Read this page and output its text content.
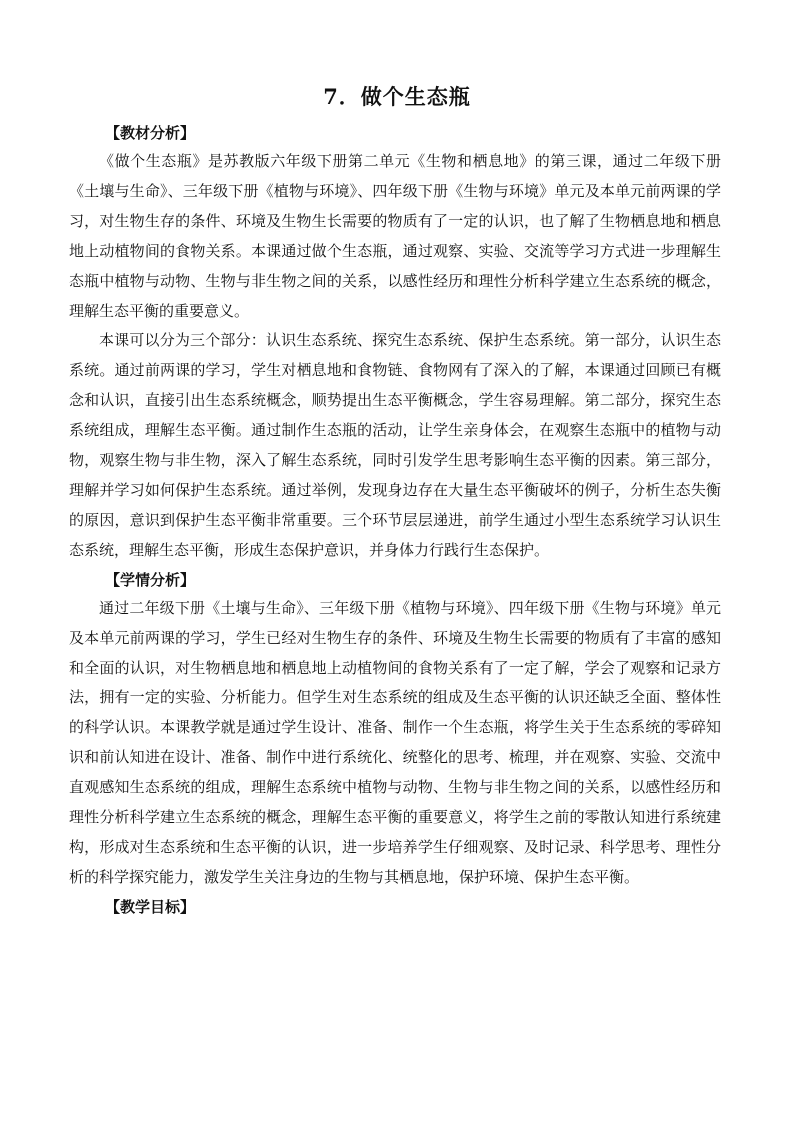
7．做个生态瓶
【教材分析】

《做个生态瓶》是苏教版六年级下册第二单元《生物和栖息地》的第三课，通过二年级下册《土壤与生命》、三年级下册《植物与环境》、四年级下册《生物与环境》单元及本单元前两课的学习，对生物生存的条件、环境及生物生长需要的物质有了一定的认识，也了解了生物栖息地和栖息地上动植物间的食物关系。本课通过做个生态瓶，通过观察、实验、交流等学习方式进一步理解生态瓶中植物与动物、生物与非生物之间的关系，以感性经历和理性分析科学建立生态系统的概念，理解生态平衡的重要意义。

本课可以分为三个部分：认识生态系统、探究生态系统、保护生态系统。第一部分，认识生态系统。通过前两课的学习，学生对栖息地和食物链、食物网有了深入的了解，本课通过回顾已有概念和认识，直接引出生态系统概念，顺势提出生态平衡概念，学生容易理解。第二部分，探究生态系统组成，理解生态平衡。通过制作生态瓶的活动，让学生亲身体会，在观察生态瓶中的植物与动物，观察生物与非生物，深入了解生态系统，同时引发学生思考影响生态平衡的因素。第三部分，理解并学习如何保护生态系统。通过举例，发现身边存在大量生态平衡破坏的例子，分析生态失衡的原因，意识到保护生态平衡非常重要。三个环节层层递进，前学生通过小型生态系统学习认识生态系统，理解生态平衡，形成生态保护意识，并身体力行践行生态保护。

【学情分析】

通过二年级下册《土壤与生命》、三年级下册《植物与环境》、四年级下册《生物与环境》单元及本单元前两课的学习，学生已经对生物生存的条件、环境及生物生长需要的物质有了丰富的感知和全面的认识，对生物栖息地和栖息地上动植物间的食物关系有了一定了解，学会了观察和记录方法，拥有一定的实验、分析能力。但学生对生态系统的组成及生态平衡的认识还缺乏全面、整体性的科学认识。本课教学就是通过学生设计、准备、制作一个生态瓶，将学生关于生态系统的零碎知识和前认知进在设计、准备、制作中进行系统化、统整化的思考、梳理，并在观察、实验、交流中直观感知生态系统的组成，理解生态系统中植物与动物、生物与非生物之间的关系，以感性经历和理性分析科学建立生态系统的概念，理解生态平衡的重要意义，将学生之前的零散认知进行系统建构，形成对生态系统和生态平衡的认识，进一步培养学生仔细观察、及时记录、科学思考、理性分析的科学探究能力，激发学生关注身边的生物与其栖息地，保护环境、保护生态平衡。

【教学目标】
